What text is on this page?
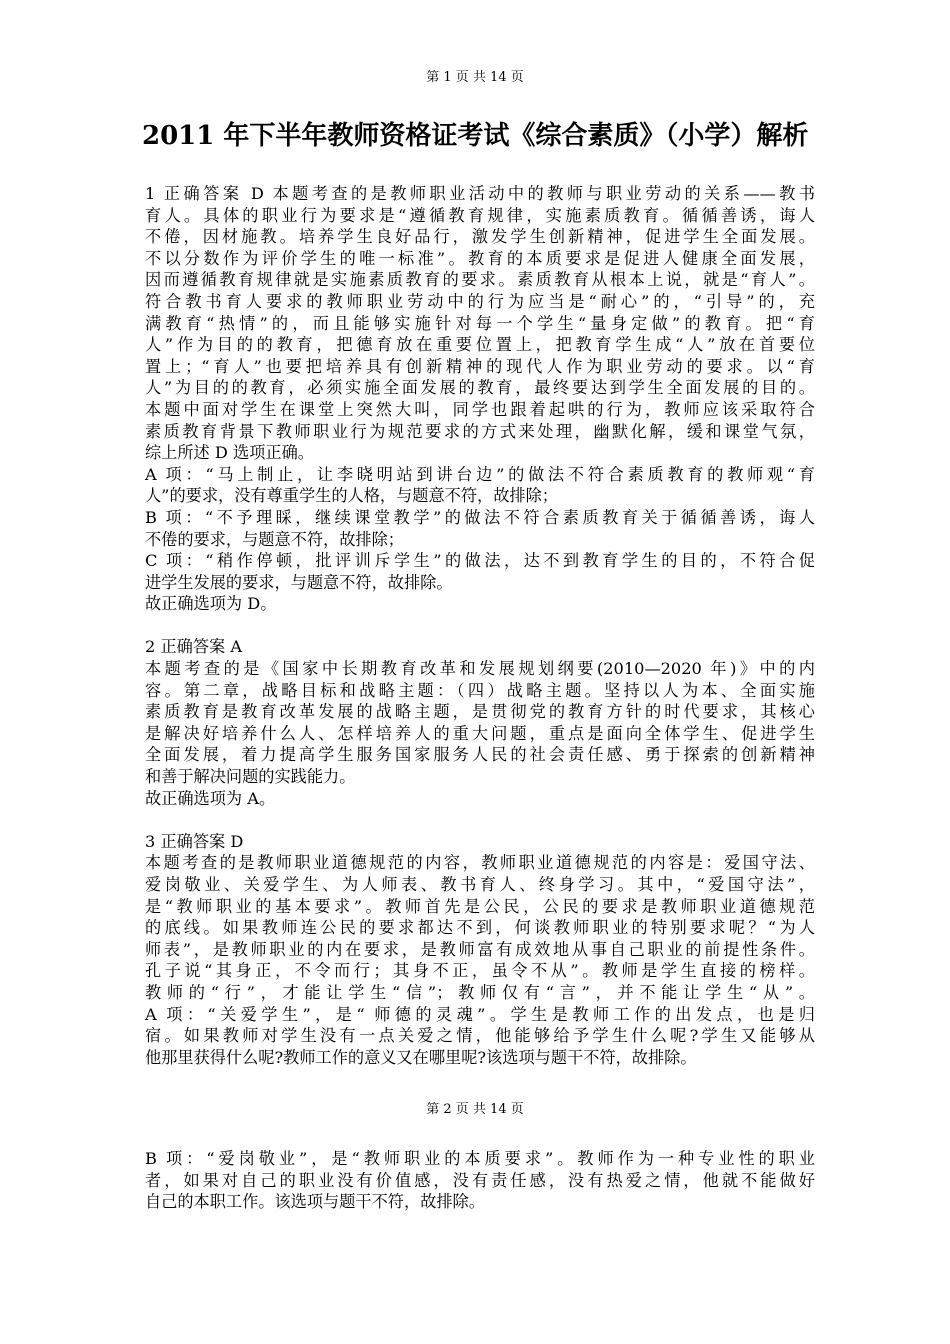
第 1 页 共 14 页
2011 年下半年教师资格证考试《综合素质》（小学）解析
1 正确答案 D 本题考查的是教师职业活动中的教师与职业劳动的关系——教书
育人。具体的职业行为要求是“遵循教育规律，实施素质教育。循循善诱，诲人
不倦，因材施教。培养学生良好品行，激发学生创新精神，促进学生全面发展。
不以分数作为评价学生的唯一标准”。教育的本质要求是促进人健康全面发展，
因而遵循教育规律就是实施素质教育的要求。素质教育从根本上说，就是“育人”。
符合教书育人要求的教师职业劳动中的行为应当是“耐心”的，“引导”的，充
满教育“热情”的，而且能够实施针对每一个学生“量身定做”的教育。把“育
人”作为目的的教育，把德育放在重要位置上，把教育学生成“人”放在首要位
置上；“育人”也要把培养具有创新精神的现代人作为职业劳动的要求。以“育
人”为目的的教育，必须实施全面发展的教育，最终要达到学生全面发展的目的。
本题中面对学生在课堂上突然大叫，同学也跟着起哄的行为，教师应该采取符合
素质教育背景下教师职业行为规范要求的方式来处理，幽默化解，缓和课堂气氛，
综上所述 D 选项正确。
A 项：“马上制止，让李晓明站到讲台边”的做法不符合素质教育的教师观“育
人”的要求，没有尊重学生的人格，与题意不符，故排除；
B 项：“不予理睬，继续课堂教学”的做法不符合素质教育关于循循善诱，诲人
不倦的要求，与题意不符，故排除；
C 项：“稍作停顿，批评训斥学生”的做法，达不到教育学生的目的，不符合促
进学生发展的要求，与题意不符，故排除。
故正确选项为 D。
2 正确答案 A
本题考查的是《国家中长期教育改革和发展规划纲要(2010—2020 年)》中的内
容。第二章，战略目标和战略主题：（四）战略主题。坚持以人为本、全面实施
素质教育是教育改革发展的战略主题，是贯彻党的教育方针的时代要求，其核心
是解决好培养什么人、怎样培养人的重大问题，重点是面向全体学生、促进学生
全面发展，着力提高学生服务国家服务人民的社会责任感、勇于探索的创新精神
和善于解决问题的实践能力。
故正确选项为 A。
3 正确答案 D
本题考查的是教师职业道德规范的内容，教师职业道德规范的内容是：爱国守法、
爱岗敬业、关爱学生、为人师表、教书育人、终身学习。其中，“爱国守法”，
是“教师职业的基本要求”。教师首先是公民，公民的要求是教师职业道德规范
的底线。如果教师连公民的要求都达不到，何谈教师职业的特别要求呢？“为人
师表”，是教师职业的内在要求，是教师富有成效地从事自己职业的前提性条件。
孔子说“其身正，不令而行；其身不正，虽令不从”。教师是学生直接的榜样。
教师的“行”，才能让学生“信”；教师仅有“言”，并不能让学生“从”。
A 项：“关爱学生”，是“ 师德的灵魂”。学生是教师工作的出发点，也是归
宿。如果教师对学生没有一点关爱之情，他能够给予学生什么呢?学生又能够从
他那里获得什么呢?教师工作的意义又在哪里呢?该选项与题干不符，故排除。
第 2 页 共 14 页
B 项：“爱岗敬业”，是“教师职业的本质要求”。教师作为一种专业性的职业
者，如果对自己的职业没有价值感，没有责任感，没有热爱之情，他就不能做好
自己的本职工作。该选项与题干不符，故排除。
